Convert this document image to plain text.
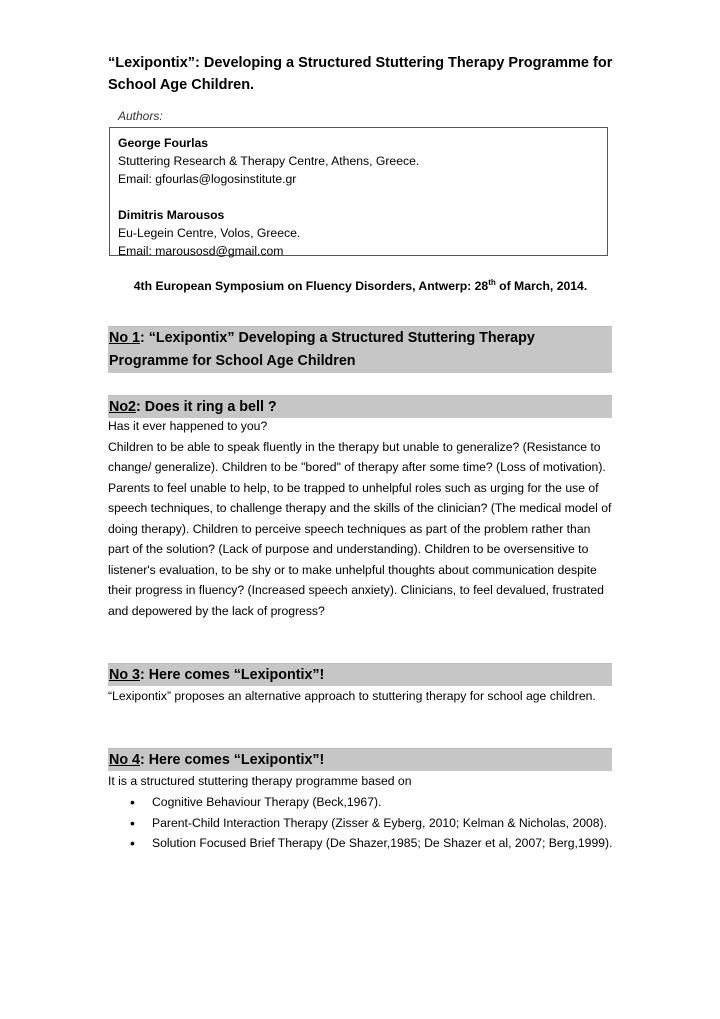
“Lexipontix”: Developing a Structured Stuttering Therapy Programme for School Age Children.
Authors:
George Fourlas
Stuttering Research & Therapy Centre, Athens, Greece.
Email: gfourlas@logosinstitute.gr
Dimitris Marousos
Eu-Legein Centre, Volos, Greece.
Email: marousosd@gmail.com
4th European Symposium on Fluency Disorders, Antwerp: 28th of March, 2014.
No 1: “Lexipontix” Developing a Structured Stuttering Therapy
Programme for School Age Children
No2: Does it ring a bell ?
Has it ever happened to you?
Children to be able to speak fluently in the therapy but unable to generalize? (Resistance to change/ generalize). Children to be "bored" of therapy after some time? (Loss of motivation). Parents to feel unable to help, to be trapped to unhelpful roles such as urging for the use of speech techniques, to challenge therapy and the skills of the clinician? (The medical model of doing therapy). Children to perceive speech techniques as part of the problem rather than part of the solution? (Lack of purpose and understanding). Children to be oversensitive to listener's evaluation, to be shy or to make unhelpful thoughts about communication despite their progress in fluency? (Increased speech anxiety). Clinicians, to feel devalued, frustrated and depowered by the lack of progress?
No 3: Here comes “Lexipontix”!
“Lexipontix” proposes an alternative approach to stuttering therapy for school age children.
No 4: Here comes “Lexipontix”!
It is a structured stuttering therapy programme based on
• Cognitive Behaviour Therapy (Beck,1967).
• Parent-Child Interaction Therapy (Zisser & Eyberg, 2010; Kelman & Nicholas, 2008).
• Solution Focused Brief Therapy (De Shazer,1985; De Shazer et al, 2007; Berg,1999).
